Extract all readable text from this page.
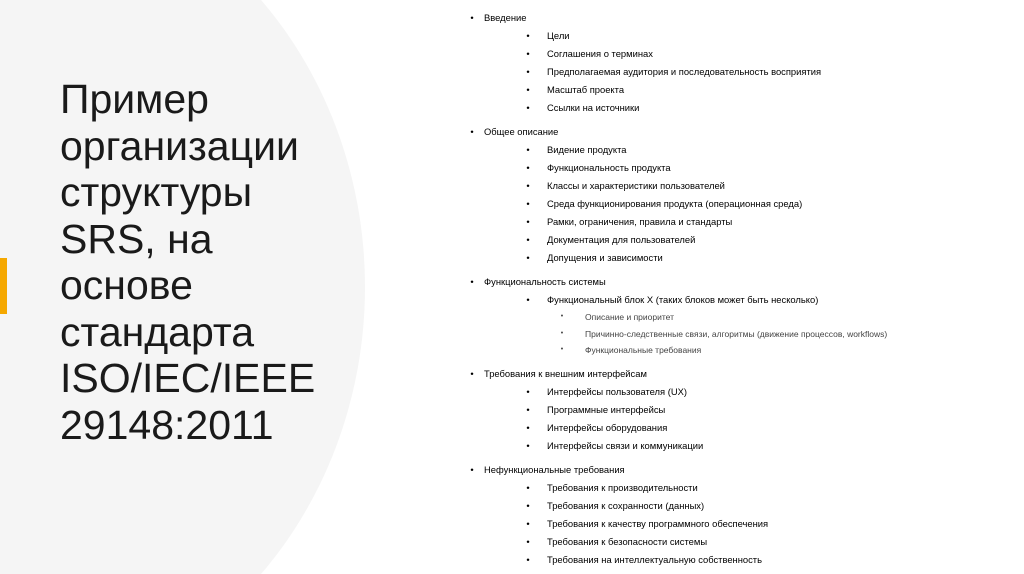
Пример организации структуры SRS, на основе стандарта ISO/IEC/IEEE 29148:2011
•	Введение
•	Цели
•	Соглашения о терминах
•	Предполагаемая аудитория и последовательность восприятия
•	Масштаб проекта
•	Ссылки на источники
•	Общее описание
•	Видение продукта
•	Функциональность продукта
•	Классы и характеристики пользователей
•	Среда функционирования продукта (операционная среда)
•	Рамки, ограничения, правила и стандарты
•	Документация для пользователей
•	Допущения и зависимости
•	Функциональность системы
•	Функциональный блок X (таких блоков может быть несколько)
•	Описание и приоритет
•	Причинно-следственные связи, алгоритмы (движение процессов, workflows)
•	Функциональные требования
•	Требования к внешним интерфейсам
•	Интерфейсы пользователя (UX)
•	Программные интерфейсы
•	Интерфейсы оборудования
•	Интерфейсы связи и коммуникации
•	Нефункциональные требования
•	Требования к производительности
•	Требования к сохранности (данных)
•	Требования к качеству программного обеспечения
•	Требования к безопасности системы
•	Требования на интеллектуальную собственность
